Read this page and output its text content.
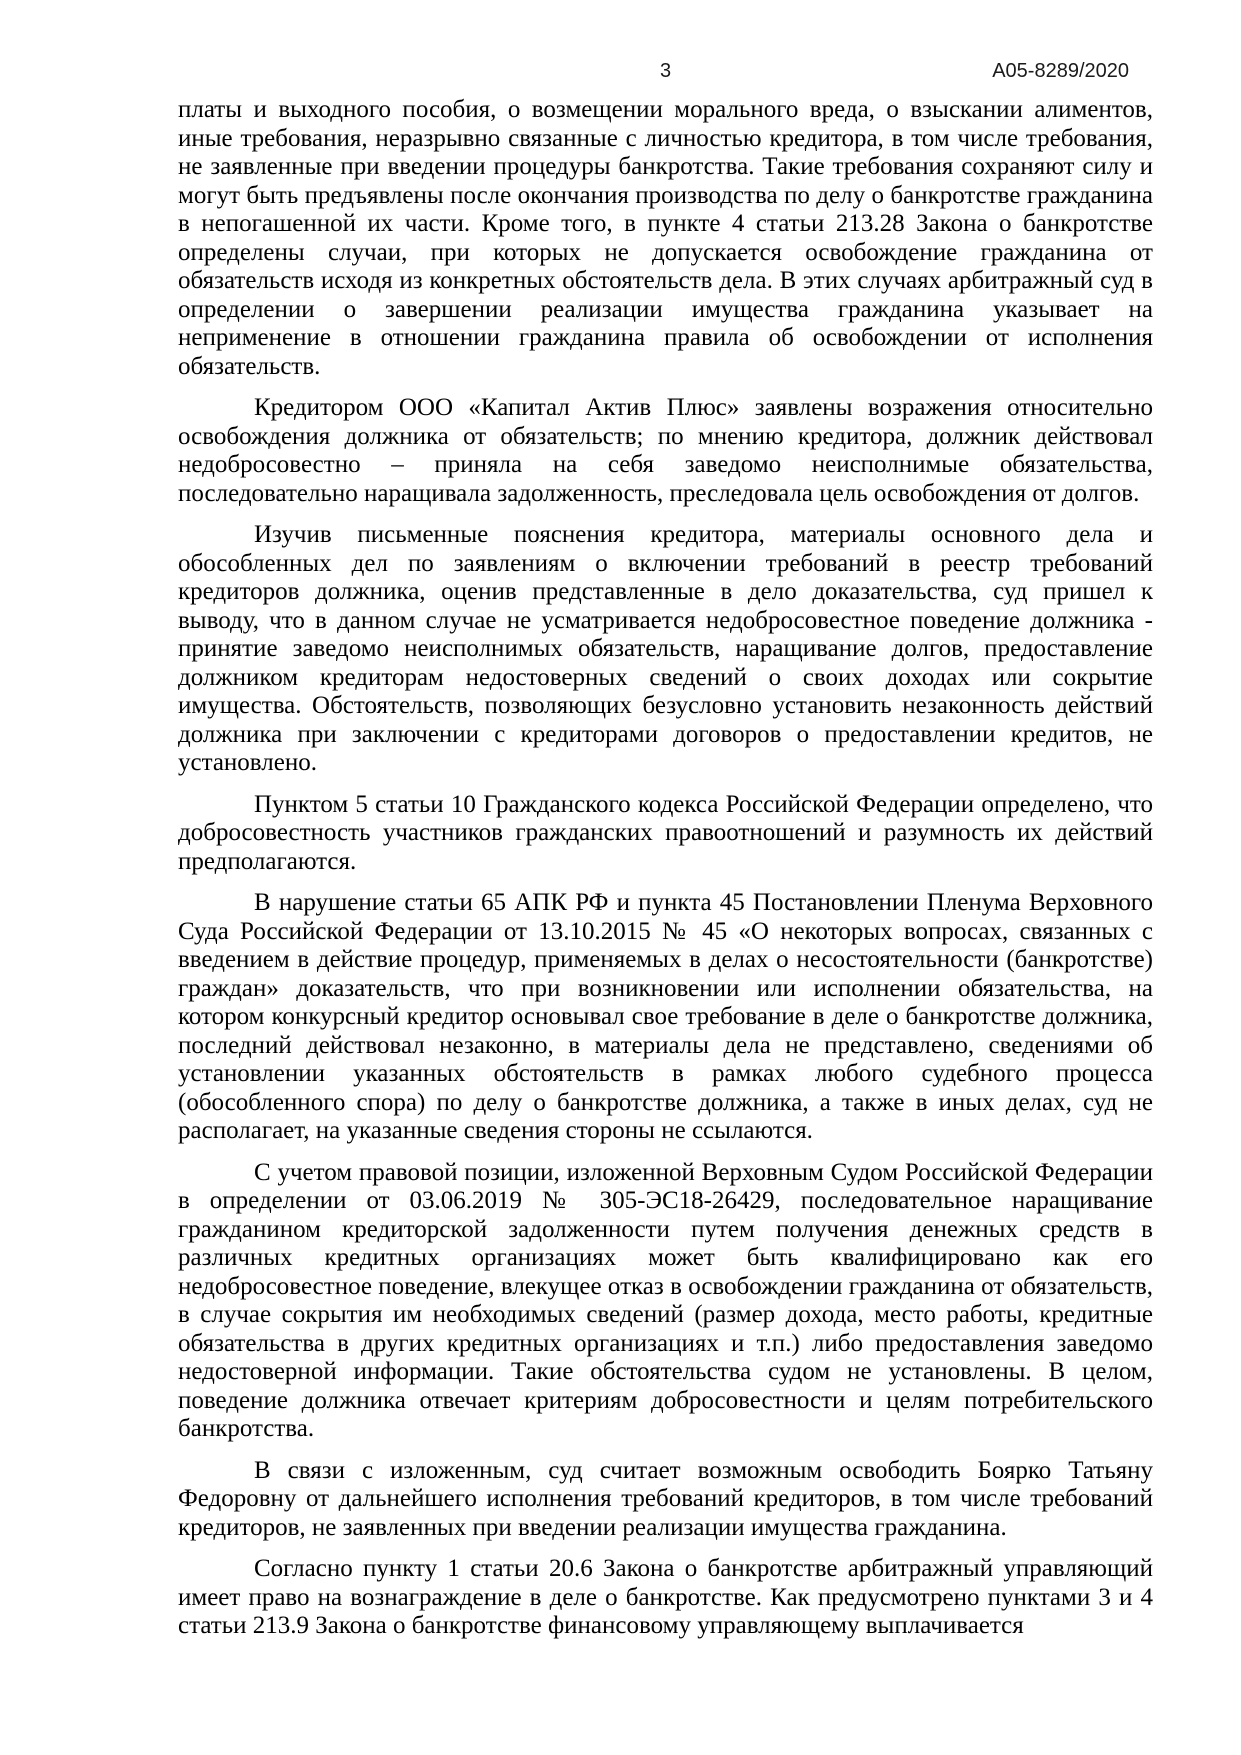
3	А05-8289/2020

платы и выходного пособия, о возмещении морального вреда, о взыскании алиментов, иные требования, неразрывно связанные с личностью кредитора, в том числе требования, не заявленные при введении процедуры банкротства. Такие требования сохраняют силу и могут быть предъявлены после окончания производства по делу о банкротстве гражданина в непогашенной их части. Кроме того, в пункте 4 статьи 213.28 Закона о банкротстве определены случаи, при которых не допускается освобождение гражданина от обязательств исходя из конкретных обстоятельств дела. В этих случаях арбитражный суд в определении о завершении реализации имущества гражданина указывает на неприменение в отношении гражданина правила об освобождении от исполнения обязательств.

Кредитором ООО «Капитал Актив Плюс» заявлены возражения относительно освобождения должника от обязательств; по мнению кредитора, должник действовал недобросовестно – приняла на себя заведомо неисполнимые обязательства, последовательно наращивала задолженность, преследовала цель освобождения от долгов.

Изучив письменные пояснения кредитора, материалы основного дела и обособленных дел по заявлениям о включении требований в реестр требований кредиторов должника, оценив представленные в дело доказательства, суд пришел к выводу, что в данном случае не усматривается недобросовестное поведение должника - принятие заведомо неисполнимых обязательств, наращивание долгов, предоставление должником кредиторам недостоверных сведений о своих доходах или сокрытие имущества. Обстоятельств, позволяющих безусловно установить незаконность действий должника при заключении с кредиторами договоров о предоставлении кредитов, не установлено.

Пунктом 5 статьи 10 Гражданского кодекса Российской Федерации определено, что добросовестность участников гражданских правоотношений и разумность их действий предполагаются.

В нарушение статьи 65 АПК РФ и пункта 45 Постановлении Пленума Верховного Суда Российской Федерации от 13.10.2015 № 45 «О некоторых вопросах, связанных с введением в действие процедур, применяемых в делах о несостоятельности (банкротстве) граждан» доказательств, что при возникновении или исполнении обязательства, на котором конкурсный кредитор основывал свое требование в деле о банкротстве должника, последний действовал незаконно, в материалы дела не представлено, сведениями об установлении указанных обстоятельств в рамках любого судебного процесса (обособленного спора) по делу о банкротстве должника, а также в иных делах, суд не располагает, на указанные сведения стороны не ссылаются.

С учетом правовой позиции, изложенной Верховным Судом Российской Федерации в определении от 03.06.2019 № 305-ЭС18-26429, последовательное наращивание гражданином кредиторской задолженности путем получения денежных средств в различных кредитных организациях может быть квалифицировано как его недобросовестное поведение, влекущее отказ в освобождении гражданина от обязательств, в случае сокрытия им необходимых сведений (размер дохода, место работы, кредитные обязательства в других кредитных организациях и т.п.) либо предоставления заведомо недостоверной информации. Такие обстоятельства судом не установлены. В целом, поведение должника отвечает критериям добросовестности и целям потребительского банкротства.

В связи с изложенным, суд считает возможным освободить Боярко Татьяну Федоровну от дальнейшего исполнения требований кредиторов, в том числе требований кредиторов, не заявленных при введении реализации имущества гражданина.

Согласно пункту 1 статьи 20.6 Закона о банкротстве арбитражный управляющий имеет право на вознаграждение в деле о банкротстве. Как предусмотрено пунктами 3 и 4 статьи 213.9 Закона о банкротстве финансовому управляющему выплачивается
